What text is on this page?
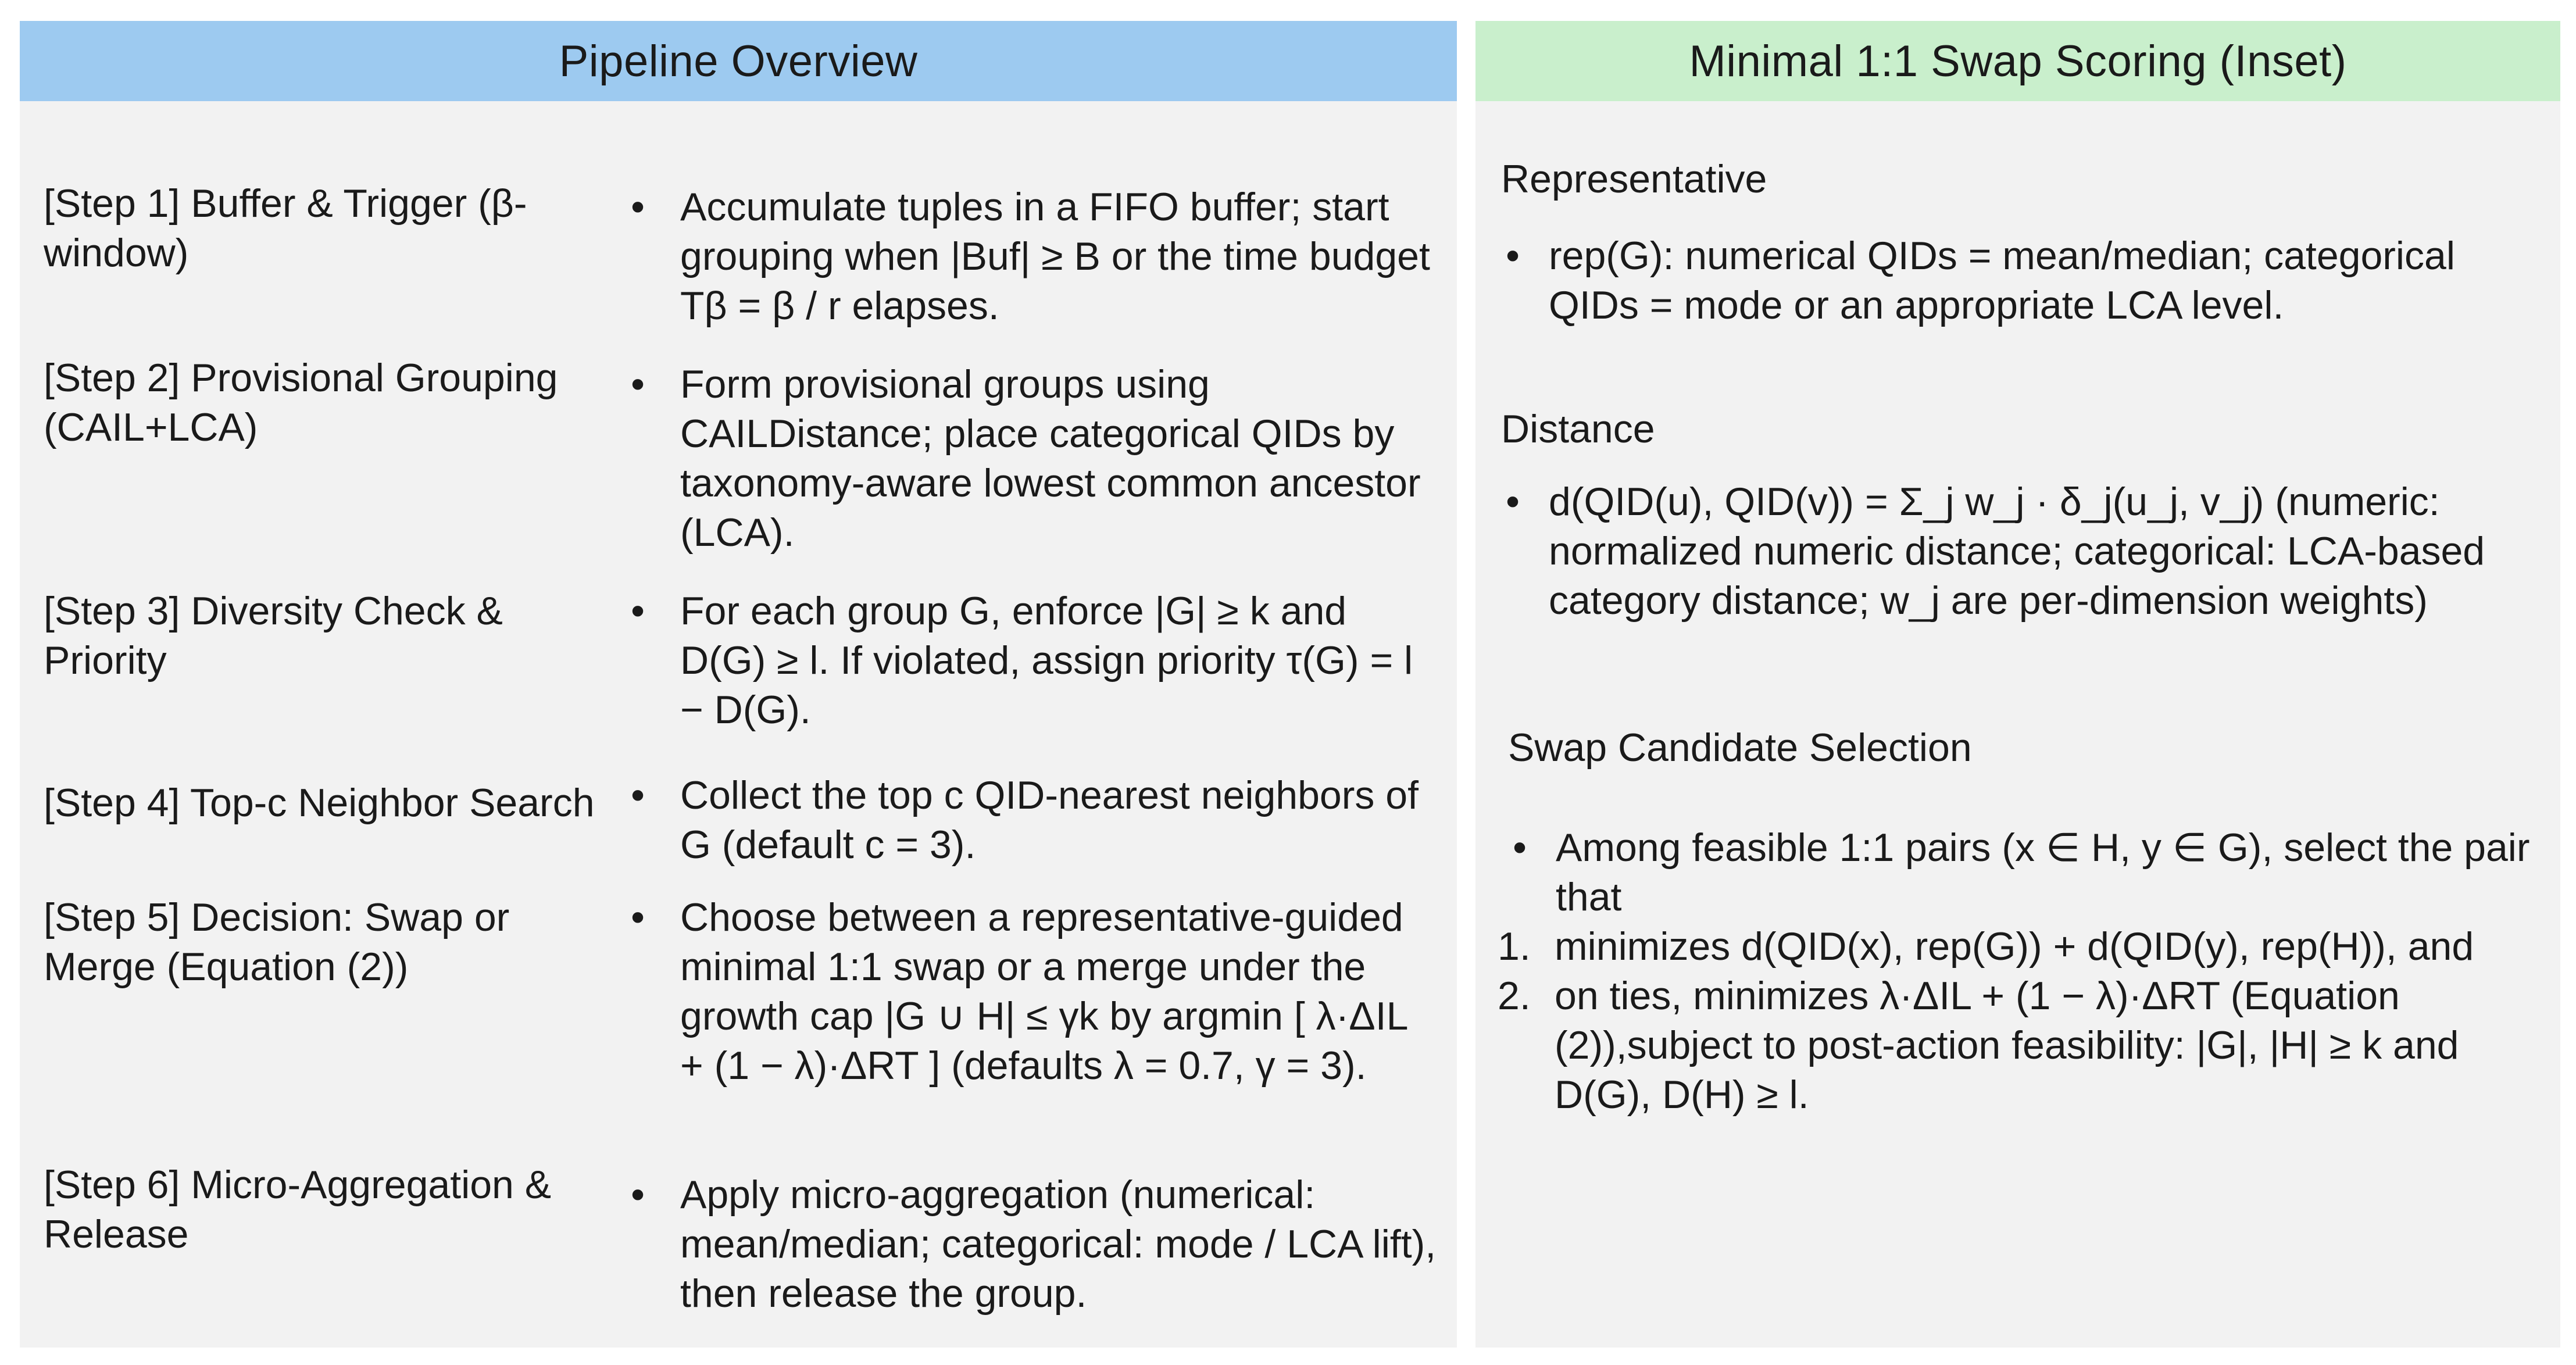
Pipeline Overview
[Step 1] Buffer & Trigger (β-window)
• Accumulate tuples in a FIFO buffer; start grouping when |Buf| ≥ B or the time budget Tβ = β / r elapses.
[Step 2] Provisional Grouping (CAIL+LCA)
• Form provisional groups using CAILDistance; place categorical QIDs by taxonomy-aware lowest common ancestor (LCA).
[Step 3] Diversity Check & Priority
• For each group G, enforce |G| ≥ k and D(G) ≥ l. If violated, assign priority τ(G) = l − D(G).
[Step 4] Top-c Neighbor Search • Collect the top c QID-nearest neighbors of G (default c = 3).
[Step 5] Decision: Swap or Merge (Equation (2))
• Choose between a representative-guided minimal 1:1 swap or a merge under the growth cap |G ∪ H| ≤ γk by argmin [ λ·ΔIL + (1 − λ)·ΔRT ] (defaults λ = 0.7, γ = 3).
[Step 6] Micro-Aggregation & Release
• Apply micro-aggregation (numerical: mean/median; categorical: mode / LCA lift), then release the group.
Minimal 1:1 Swap Scoring (Inset)
Representative
• rep(G): numerical QIDs = mean/median; categorical QIDs = mode or an appropriate LCA level.
Distance
• d(QID(u), QID(v)) = Σ_j w_j · δ_j(u_j, v_j) (numeric: normalized numeric distance; categorical: LCA-based category distance; w_j are per-dimension weights)
Swap Candidate Selection
• Among feasible 1:1 pairs (x ∈ H, y ∈ G), select the pair that
1. minimizes d(QID(x), rep(G)) + d(QID(y), rep(H)), and
2. on ties, minimizes λ·ΔIL + (1 − λ)·ΔRT (Equation (2)),subject to post-action feasibility: |G|, |H| ≥ k and D(G), D(H) ≥ l.
